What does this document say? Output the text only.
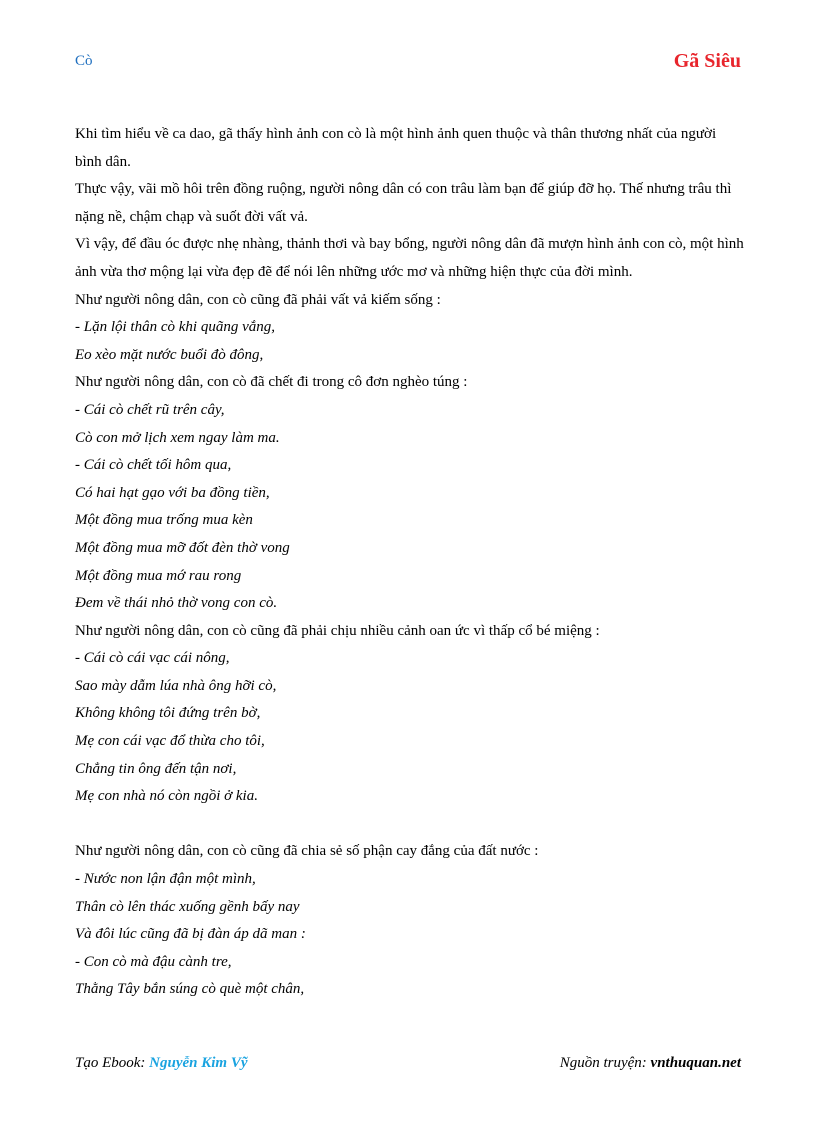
Cò	Gã Siêu

Khi tìm hiểu về ca dao, gã thấy hình ảnh con cò là một hình ảnh quen thuộc và thân thương nhất của người bình dân.

Thực vậy, vãi mồ hôi trên đồng ruộng, người nông dân có con trâu làm bạn để giúp đỡ họ. Thế nhưng trâu thì nặng nề, chậm chạp và suốt đời vất vả.

Vì vậy, để đầu óc được nhẹ nhàng, thảnh thơi và bay bổng, người nông dân đã mượn hình ảnh con cò, một hình ảnh vừa thơ mộng lại vừa đẹp đẽ để nói lên những ước mơ và những hiện thực của đời mình.

Như người nông dân, con cò cũng đã phải vất vả kiếm sống :

- Lặn lội thân cò khi quãng vắng,

Eo xèo mặt nước buổi đò đông,

Như người nông dân, con cò đã chết đi trong cô đơn nghèo túng :

- Cái cò chết rũ trên cây,

Cò con mở lịch xem ngay làm ma.

- Cái cò chết tối hôm qua,

Có hai hạt gạo với ba đồng tiền,

Một đồng mua trống mua kèn

Một đồng mua mỡ đốt đèn thờ vong

Một đồng mua mớ rau rong

Đem về thái nhỏ thờ vong con cò.

Như người nông dân, con cò cũng đã phải chịu nhiều cảnh oan ức vì thấp cổ bé miệng :

- Cái cò cái vạc cái nông,

Sao mày dẫm lúa nhà ông hỡi cò,

Không không tôi đứng trên bờ,

Mẹ con cái vạc đổ thừa cho tôi,

Chẳng tin ông đến tận nơi,

Mẹ con nhà nó còn ngồi ở kia.

Như người nông dân, con cò cũng đã chia sẻ số phận cay đắng của đất nước :

- Nước non lận đận một mình,

Thân cò lên thác xuống gềnh bấy nay

Và đôi lúc cũng đã bị đàn áp dã man :

- Con cò mà đậu cành tre,

Thằng Tây bắn súng cò què một chân,

Tạo Ebook: Nguyễn Kim Vỹ	Nguồn truyện: vnthuquan.net
